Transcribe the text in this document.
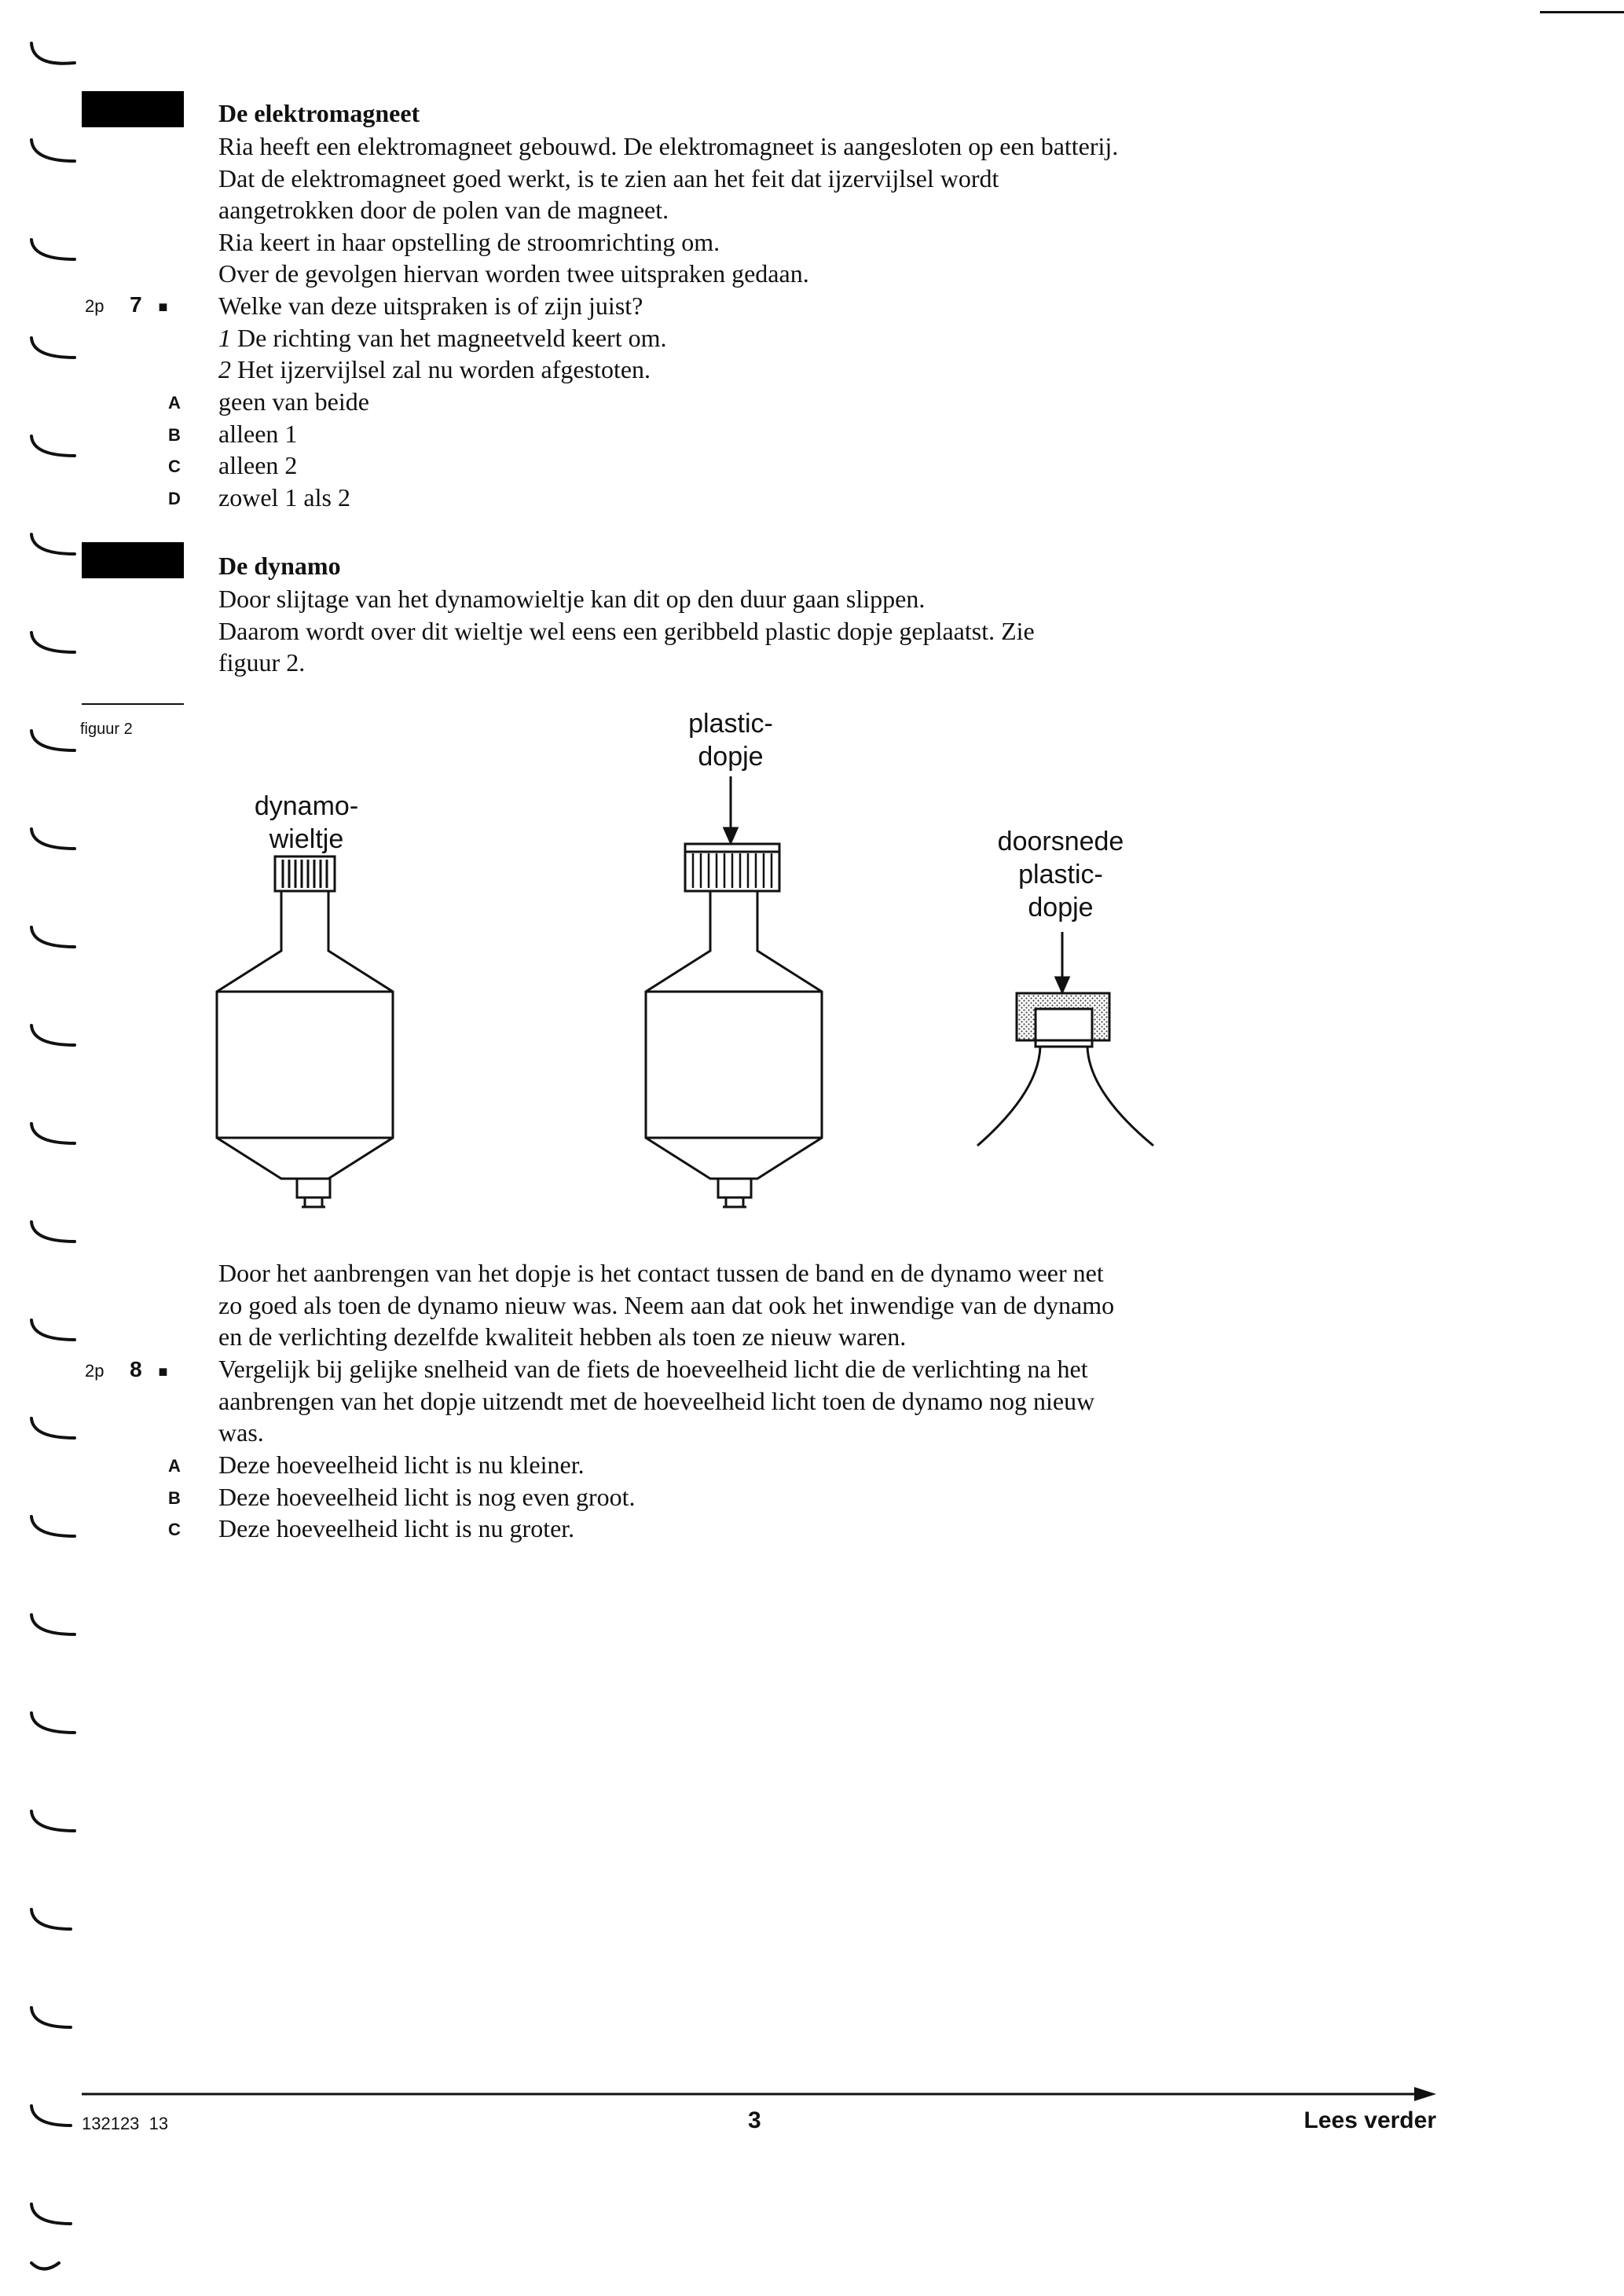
De elektromagneet
Ria heeft een elektromagneet gebouwd. De elektromagneet is aangesloten op een batterij.
Dat de elektromagneet goed werkt, is te zien aan het feit dat ijzervijlsel wordt
aangetrokken door de polen van de magneet.
Ria keert in haar opstelling de stroomrichting om.
Over de gevolgen hiervan worden twee uitspraken gedaan.
2p 7 ■ Welke van deze uitspraken is of zijn juist?
1 De richting van het magneetveld keert om.
2 Het ijzervijlsel zal nu worden afgestoten.
A geen van beide
B alleen 1
C alleen 2
D zowel 1 als 2
De dynamo
Door slijtage van het dynamowieltje kan dit op den duur gaan slippen.
Daarom wordt over dit wieltje wel eens een geribbeld plastic dopje geplaatst. Zie
figuur 2.
figuur 2
dynamo-
wieltje
plastic-
dopje
doorsnede
plastic-
dopje
Door het aanbrengen van het dopje is het contact tussen de band en de dynamo weer net
zo goed als toen de dynamo nieuw was. Neem aan dat ook het inwendige van de dynamo
en de verlichting dezelfde kwaliteit hebben als toen ze nieuw waren.
2p 8 ■ Vergelijk bij gelijke snelheid van de fiets de hoeveelheid licht die de verlichting na het
aanbrengen van het dopje uitzendt met de hoeveelheid licht toen de dynamo nog nieuw
was.
A Deze hoeveelheid licht is nu kleiner.
B Deze hoeveelheid licht is nog even groot.
C Deze hoeveelheid licht is nu groter.
132123  13	3	Lees verder
